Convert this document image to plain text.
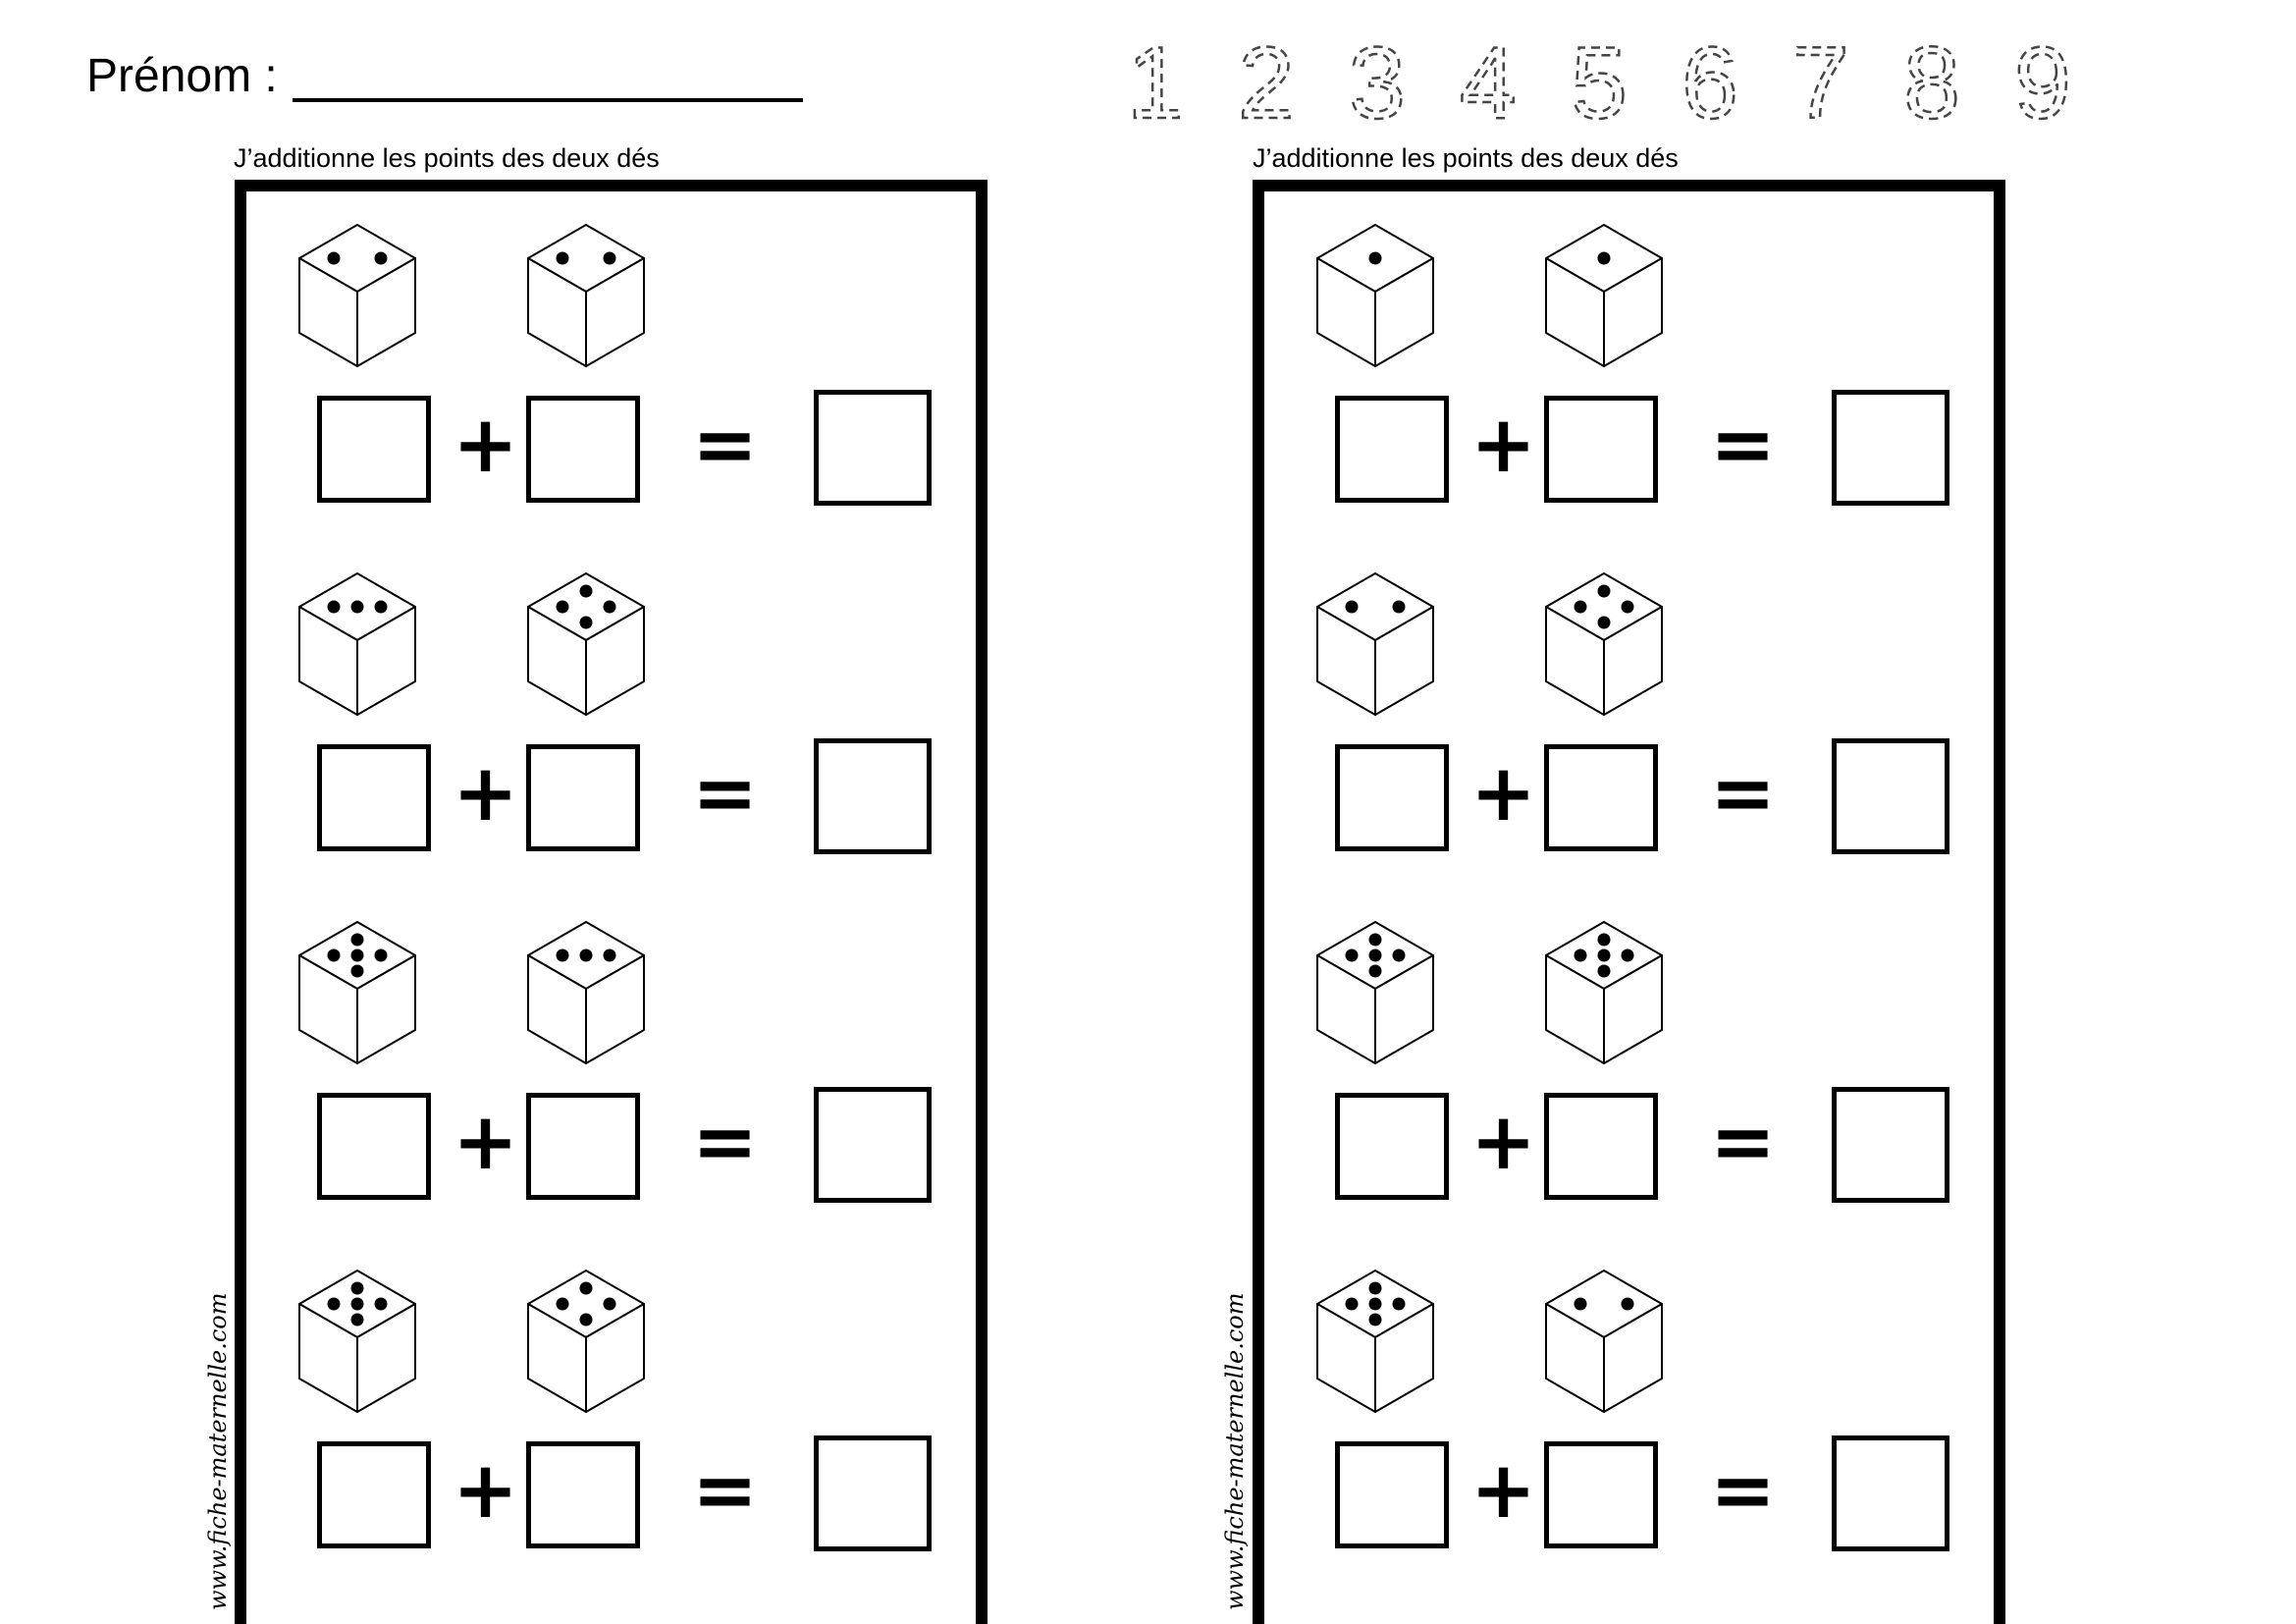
Prénom :	1 2 3 4 5 6 7 8 9
J’additionne les points des deux dés
+ =
+ =
+ =
+ =
www.fiche-maternelle.com
J’additionne les points des deux dés
+ =
+ =
+ =
+ =
www.fiche-maternelle.com
